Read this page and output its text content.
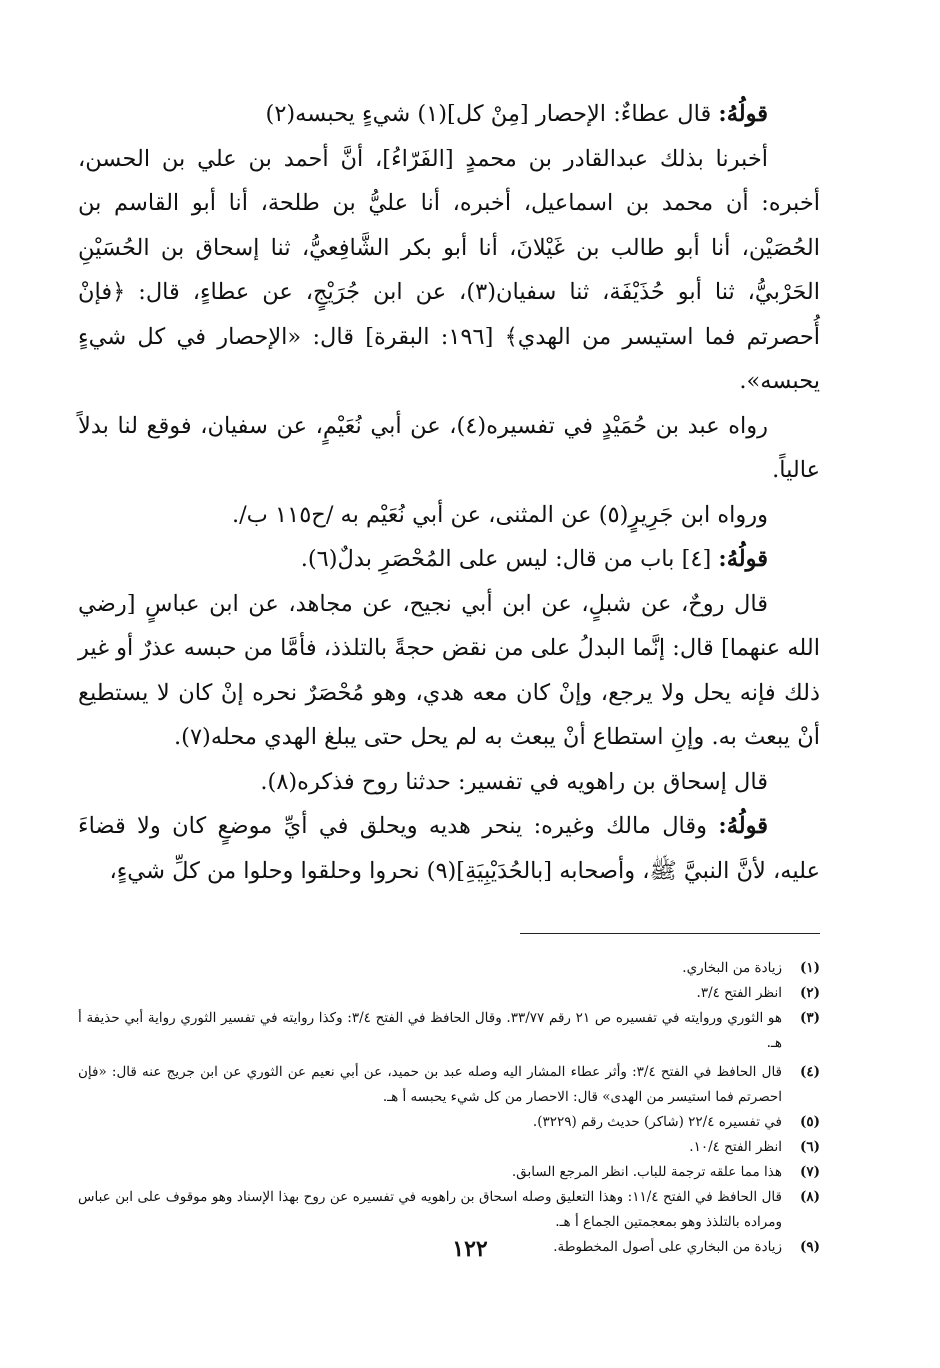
قولُهُ: قال عطاءٌ: الإحصار [مِنْ كل](١) شيءٍ يحبسه(٢)

أخبرنا بذلك عبدالقادر بن محمدٍ [الفَرّاءُ]، أنَّ أحمد بن علي بن الحسن، أخبره: أن محمد بن اسماعيل، أخبره، أنا عليُّ بن طلحة، أنا أبو القاسم بن الحُصَيْن، أنا أبو طالب بن غَيْلانَ، أنا أبو بكر الشَّافِعيُّ، ثنا إسحاق بن الحُسَيْنِ الحَرْبيُّ، ثنا أبو حُذَيْفَة، ثنا سفيان(٣)، عن ابن جُرَيْجٍ، عن عطاءٍ، قال: ﴿فإنْ أُحصرتم فما استيسر من الهدي﴾ [١٩٦: البقرة] قال: «الإحصار في كل شيءٍ يحبسه».

رواه عبد بن حُمَيْدٍ في تفسيره(٤)، عن أبي نُعَيْمٍ، عن سفيان، فوقع لنا بدلاً عالياً.

ورواه ابن جَرِيرٍ(٥) عن المثنى، عن أبي نُعَيْم به /ح١١٥ ب/.

قولُهُ: [٤] باب من قال: ليس على المُحْصَرِ بدلٌ(٦).

قال روحٌ، عن شبلٍ، عن ابن أبي نجيح، عن مجاهد، عن ابن عباسٍ [رضي الله عنهما] قال: إنَّما البدلُ على من نقض حجةً بالتلذذ، فأمَّا من حبسه عذرٌ أو غير ذلك فإنه يحل ولا يرجع، وإنْ كان معه هدي، وهو مُحْصَرٌ نحره إنْ كان لا يستطيع أنْ يبعث به. وإنِ استطاع أنْ يبعث به لم يحل حتى يبلغ الهدي محله(٧).

قال إسحاق بن راهويه في تفسير: حدثنا روح فذكره(٨).

قولُهُ: وقال مالك وغيره: ينحر هديه ويحلق في أيِّ موضعٍ كان ولا قضاءَ عليه، لأنَّ النبيَّ ﷺ، وأصحابه [بالحُدَيْبِيَةِ](٩) نحروا وحلقوا وحلوا من كلِّ شيءٍ،

(١)
زيادة من البخاري.
(٢)
انظر الفتح ٣/٤.
(٣)
هو الثوري وروايته في تفسيره ص ٢١ رقم ٣٣/٧٧. وقال الحافظ في الفتح ٣/٤: وكذا روايته في تفسير الثوري رواية أبي حذيفة أ هـ.
(٤)
قال الحافظ في الفتح ٣/٤: وأثر عطاء المشار اليه وصله عبد بن حميد، عن أبي نعيم عن الثوري عن ابن جريج عنه قال: «فإن احصرتم فما استيسر من الهدى» قال: الاحصار من كل شيء يحبسه أ هـ.
(٥)
في تفسيره ٢٢/٤ (شاكر) حديث رقم (٣٢٢٩).
(٦)
انظر الفتح ١٠/٤.
(٧)
هذا مما علقه ترجمة للباب. انظر المرجع السابق.
(٨)
قال الحافظ في الفتح ١١/٤: وهذا التعليق وصله اسحاق بن راهويه في تفسيره عن روح بهذا الإسناد وهو موقوف على ابن عباس ومراده بالتلذذ وهو بمعجمتين الجماع أ هـ.
(٩)
زيادة من البخاري على أصول المخطوطة.
١٢٢
